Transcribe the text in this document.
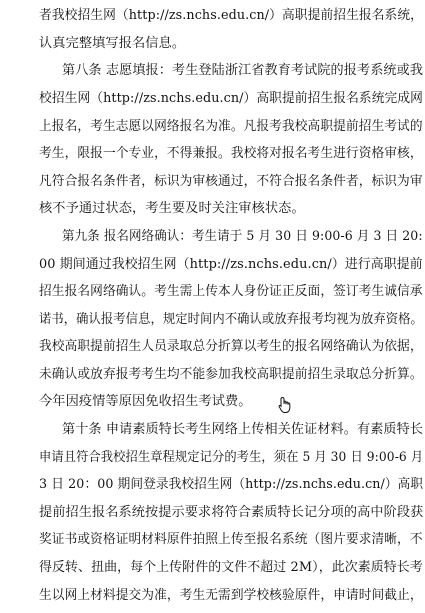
者我校招生网（http://zs.nchs.edu.cn/）高职提前招生报名系统，
认真完整填写报名信息。
第八条 志愿填报：考生登陆浙江省教育考试院的报考系统或我
校招生网（http://zs.nchs.edu.cn/）高职提前招生报名系统完成网
上报名，考生志愿以网络报名为准。凡报考我校高职提前招生考试的
考生，限报一个专业，不得兼报。我校将对报名考生进行资格审核，
凡符合报名条件者，标识为审核通过，不符合报名条件者，标识为审
核不予通过状态，考生要及时关注审核状态。
第九条 报名网络确认：考生请于 5 月 30 日 9:00-6 月 3 日 20:
00 期间通过我校招生网（http://zs.nchs.edu.cn/）进行高职提前
招生报名网络确认。考生需上传本人身份证正反面，签订考生诚信承
诺书，确认报考信息，规定时间内不确认或放弃报考均视为放弃资格。
我校高职提前招生人员录取总分折算以考生的报名网络确认为依据，
未确认或放弃报考考生均不能参加我校高职提前招生录取总分折算。
今年因疫情等原因免收招生考试费。
第十条 申请素质特长考生网络上传相关佐证材料。有素质特长
申请且符合我校招生章程规定记分的考生，须在 5 月 30 日 9:00-6 月
3 日 20：00 期间登录我校招生网（http://zs.nchs.edu.cn/）高职
提前招生报名系统按提示要求将符合素质特长记分项的高中阶段获
奖证书或资格证明材料原件拍照上传至报名系统（图片要求清晰，不
得反转、扭曲，每个上传附件的文件不超过 2M），此次素质特长考
生以网上材料提交为准，考生无需到学校核验原件，申请时间截止，
